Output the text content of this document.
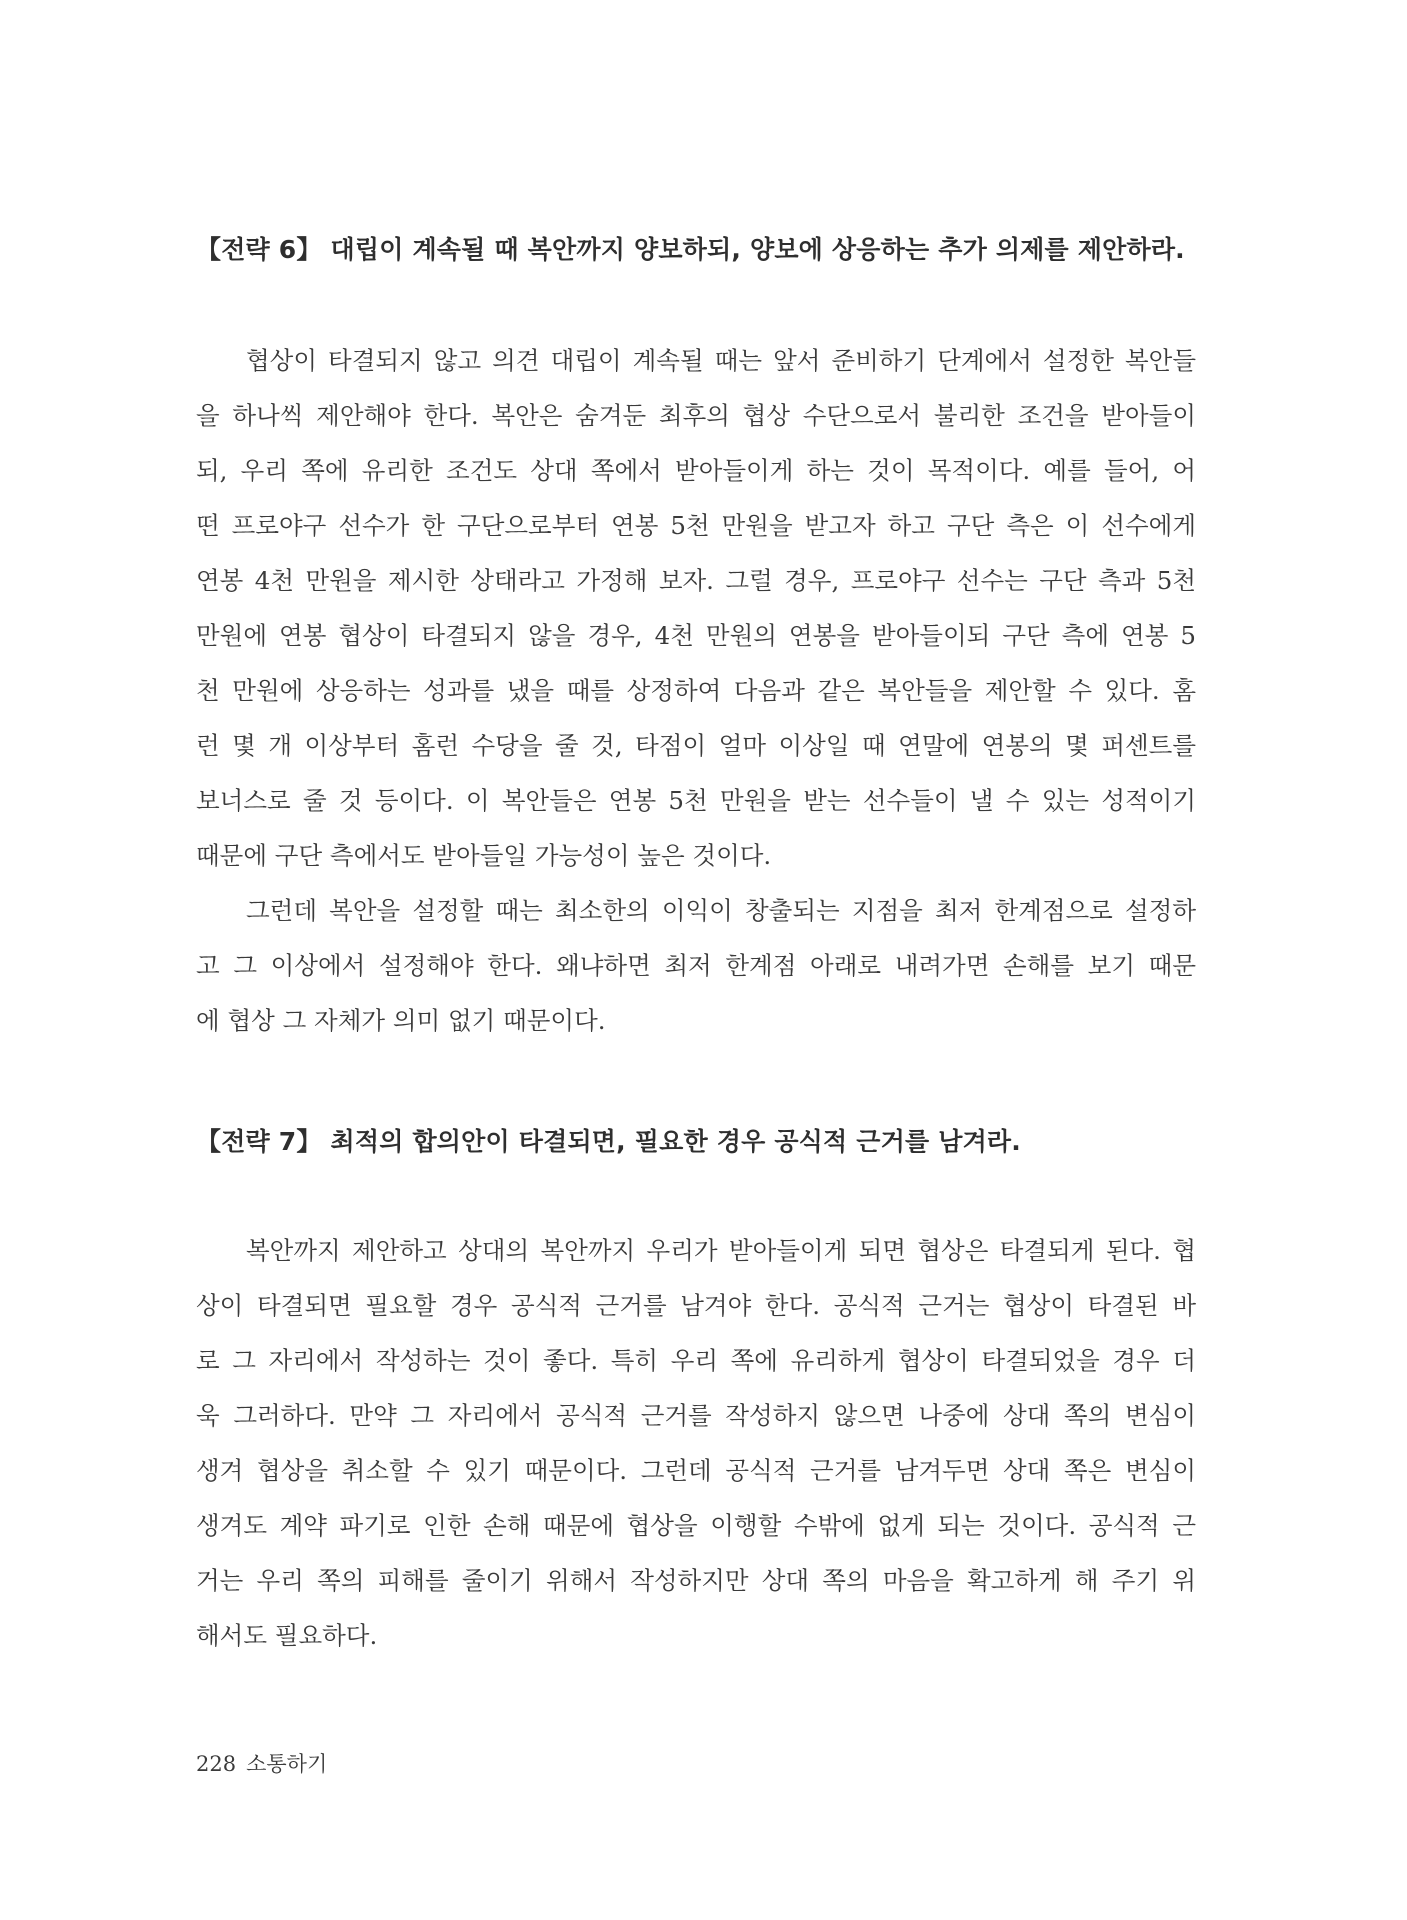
【전략 6】 대립이 계속될 때 복안까지 양보하되, 양보에 상응하는 추가 의제를 제안하라.

협상이 타결되지 않고 의견 대립이 계속될 때는 앞서 준비하기 단계에서 설정한 복안들

을 하나씩 제안해야 한다. 복안은 숨겨둔 최후의 협상 수단으로서 불리한 조건을 받아들이

되, 우리 쪽에 유리한 조건도 상대 쪽에서 받아들이게 하는 것이 목적이다. 예를 들어, 어

떤 프로야구 선수가 한 구단으로부터 연봉 5천 만원을 받고자 하고 구단 측은 이 선수에게

연봉 4천 만원을 제시한 상태라고 가정해 보자. 그럴 경우, 프로야구 선수는 구단 측과 5천

만원에 연봉 협상이 타결되지 않을 경우, 4천 만원의 연봉을 받아들이되 구단 측에 연봉 5

천 만원에 상응하는 성과를 냈을 때를 상정하여 다음과 같은 복안들을 제안할 수 있다. 홈

런 몇 개 이상부터 홈런 수당을 줄 것, 타점이 얼마 이상일 때 연말에 연봉의 몇 퍼센트를

보너스로 줄 것 등이다. 이 복안들은 연봉 5천 만원을 받는 선수들이 낼 수 있는 성적이기

때문에 구단 측에서도 받아들일 가능성이 높은 것이다.

그런데 복안을 설정할 때는 최소한의 이익이 창출되는 지점을 최저 한계점으로 설정하

고 그 이상에서 설정해야 한다. 왜냐하면 최저 한계점 아래로 내려가면 손해를 보기 때문

에 협상 그 자체가 의미 없기 때문이다.

【전략 7】 최적의 합의안이 타결되면, 필요한 경우 공식적 근거를 남겨라.

복안까지 제안하고 상대의 복안까지 우리가 받아들이게 되면 협상은 타결되게 된다. 협

상이 타결되면 필요할 경우 공식적 근거를 남겨야 한다. 공식적 근거는 협상이 타결된 바

로 그 자리에서 작성하는 것이 좋다. 특히 우리 쪽에 유리하게 협상이 타결되었을 경우 더

욱 그러하다. 만약 그 자리에서 공식적 근거를 작성하지 않으면 나중에 상대 쪽의 변심이

생겨 협상을 취소할 수 있기 때문이다. 그런데 공식적 근거를 남겨두면 상대 쪽은 변심이

생겨도 계약 파기로 인한 손해 때문에 협상을 이행할 수밖에 없게 되는 것이다. 공식적 근

거는 우리 쪽의 피해를 줄이기 위해서 작성하지만 상대 쪽의 마음을 확고하게 해 주기 위

해서도 필요하다.

228 소통하기
